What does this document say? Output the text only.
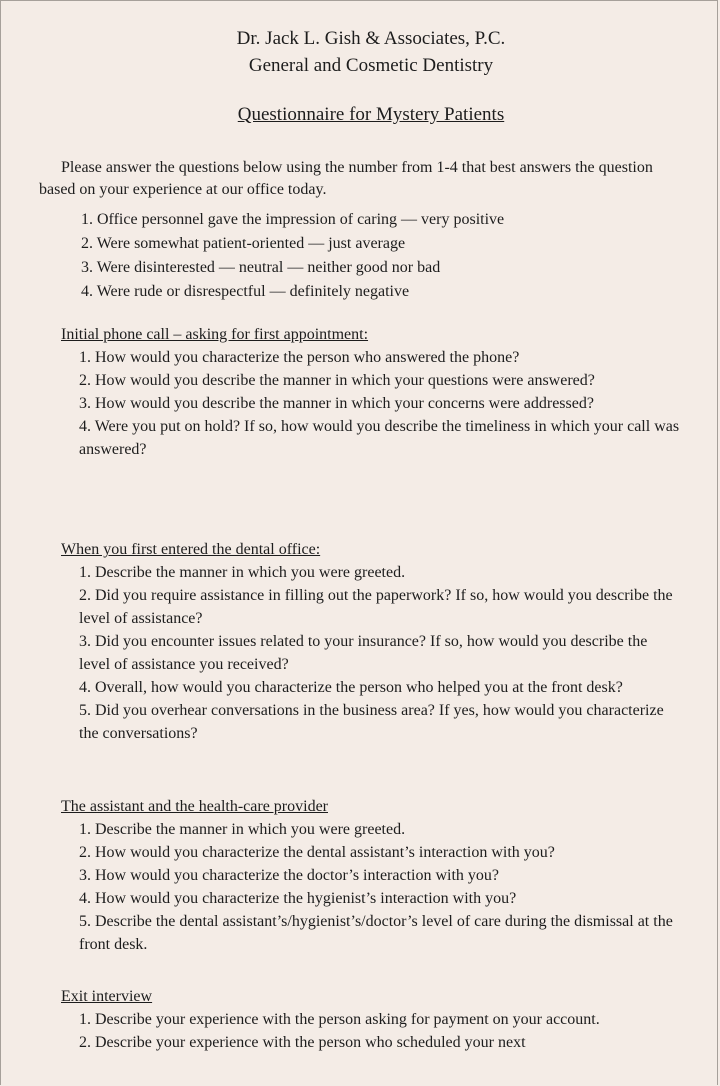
Dr. Jack L. Gish & Associates, P.C.
General and Cosmetic Dentistry
Questionnaire for Mystery Patients
Please answer the questions below using the number from 1-4 that best answers the question based on your experience at our office today.
1. Office personnel gave the impression of caring — very positive
2. Were somewhat patient-oriented — just average
3. Were disinterested — neutral — neither good nor bad
4. Were rude or disrespectful — definitely negative
Initial phone call – asking for first appointment:
1. How would you characterize the person who answered the phone?
2. How would you describe the manner in which your questions were answered?
3. How would you describe the manner in which your concerns were addressed?
4. Were you put on hold? If so, how would you describe the timeliness in which your call was answered?
When you first entered the dental office:
1. Describe the manner in which you were greeted.
2. Did you require assistance in filling out the paperwork? If so, how would you describe the level of assistance?
3. Did you encounter issues related to your insurance? If so, how would you describe the level of assistance you received?
4. Overall, how would you characterize the person who helped you at the front desk?
5. Did you overhear conversations in the business area? If yes, how would you characterize the conversations?
The assistant and the health-care provider
1. Describe the manner in which you were greeted.
2. How would you characterize the dental assistant’s interaction with you?
3. How would you characterize the doctor’s interaction with you?
4. How would you characterize the hygienist’s interaction with you?
5. Describe the dental assistant’s/hygienist’s/doctor’s level of care during the dismissal at the front desk.
Exit interview
1. Describe your experience with the person asking for payment on your account.
2. Describe your experience with the person who scheduled your next
